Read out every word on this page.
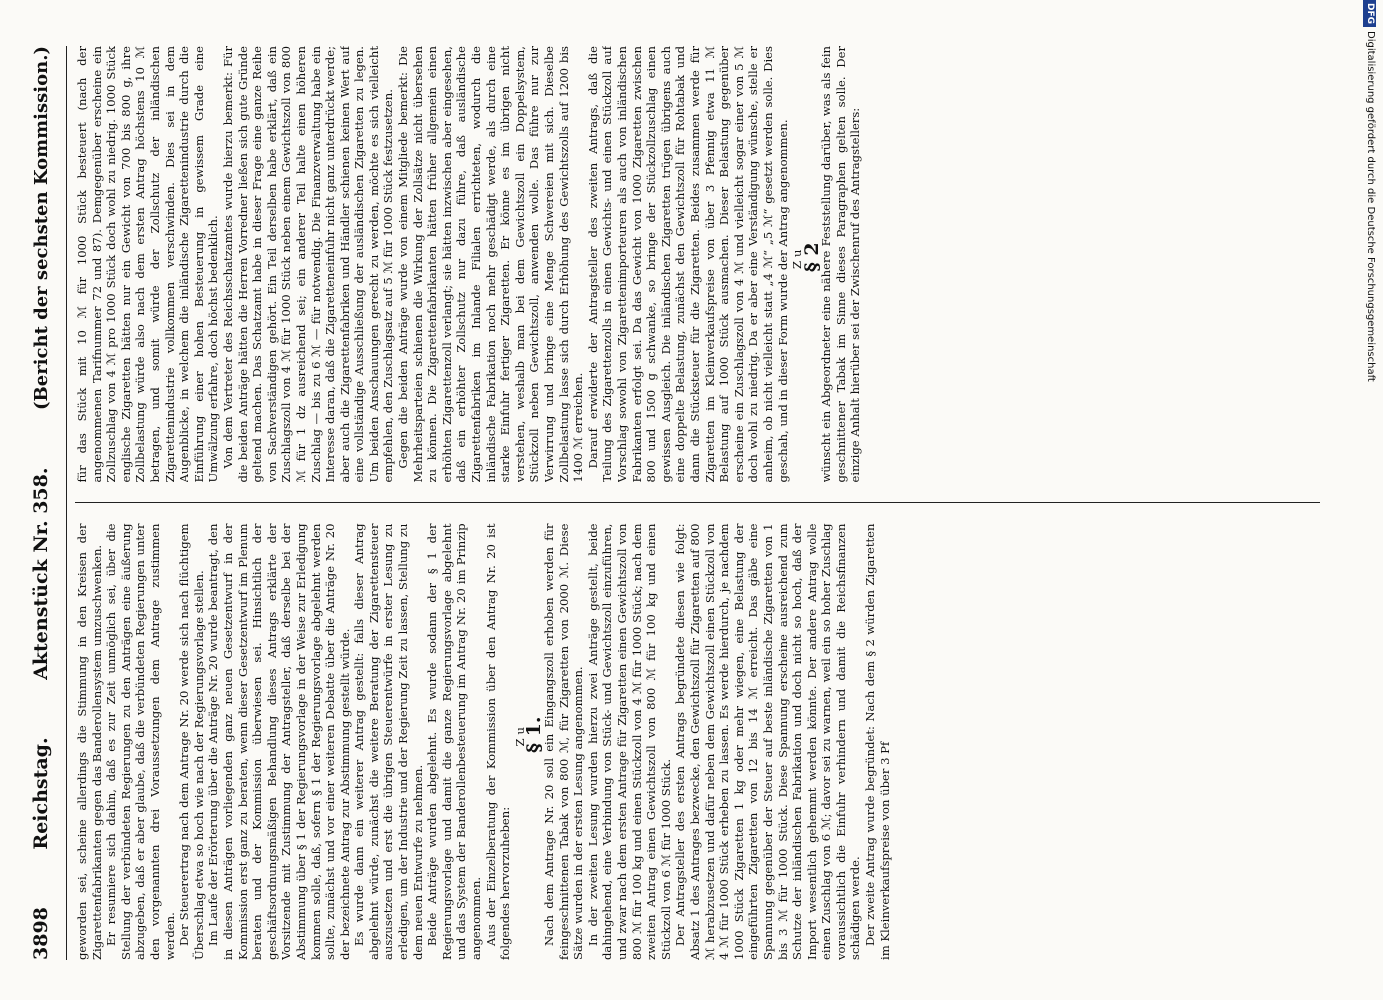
3898
Reichstag.
Aktenstück Nr. 358.
(Bericht der sechsten Kommission.)

geworden sei, scheine allerdings die Stimmung in den Kreisen der Zigarettenfabrikanten gegen das Banderollensystem umzuschwenken. Er resumiere sich dahin, daß es zur Zeit unmöglich sei, über die Stellung der verbündeten Regierungen zu den Anträgen eine äußerung abzugeben, daß er aber glaube, daß die verbündeten Regierungen unter den vorgenannten drei Voraussetzungen dem Antrage zustimmen werden. Der Steuerertrag nach dem Antrage Nr. 20 werde sich nach flüchtigem Überschlag etwa so hoch wie nach der Regierungsvorlage stellen. Im Laufe der Erörterung über die Anträge Nr. 20 wurde beantragt, den in diesen Anträgen vorliegenden ganz neuen Gesetzentwurf in der Kommission erst ganz zu beraten, wenn dieser Gesetzentwurf im Plenum beraten und der Kommission überwiesen sei. Hinsichtlich der geschäftsordnungsmäßigen Behandlung dieses Antrags erklärte der Vorsitzende mit Zustimmung der Antragsteller, daß derselbe bei der Abstimmung über § 1 der Regierungsvorlage in der Weise zur Erledigung kommen solle, daß, sofern § 1 der Regierungsvorlage abgelehnt werden sollte, zunächst und vor einer weiteren Debatte über die Anträge Nr. 20 der bezeichnete Antrag zur Abstimmung gestellt würde. Es wurde dann ein weiterer Antrag gestellt: falls dieser Antrag abgelehnt würde, zunächst die weitere Beratung der Zigarettensteuer auszusetzen und erst die übrigen Steuerentwürfe in erster Lesung zu erledigen, um der Industrie und der Regierung Zeit zu lassen, Stellung zu dem neuen Entwurfe zu nehmen. Beide Anträge wurden abgelehnt. Es wurde sodann der § 1 der Regierungsvorlage und damit die ganze Regierungsvorlage abgelehnt und das System der Banderollenbesteuerung im Antrag Nr. 20 im Prinzip angenommen. Aus der Einzelberatung der Kommission über den Antrag Nr. 20 ist folgendes hervorzuheben:

Zu

§ 1.

Nach dem Antrage Nr. 20 soll ein Eingangszoll erhoben werden für feingeschnittenen Tabak von 800 ℳ, für Zigaretten von 2000 ℳ. Diese Sätze wurden in der ersten Lesung angenommen. In der zweiten Lesung wurden hierzu zwei Anträge gestellt, beide dahingehend, eine Verbindung von Stück- und Gewichtszoll einzuführen, und zwar nach dem ersten Antrage für Zigaretten einen Gewichtszoll von 800 ℳ für 100 kg und einen Stückzoll von 4 ℳ für 1000 Stück; nach dem zweiten Antrag einen Gewichtszoll von 800 ℳ für 100 kg und einen Stückzoll von 6 ℳ für 1000 Stück. Der Antragsteller des ersten Antrags begründete diesen wie folgt: Absatz 1 des Antrages bezwecke, den Gewichtszoll für Zigaretten auf 800 ℳ herabzusetzen und dafür neben dem Gewichtszoll einen Stückzoll von 4 ℳ für 1000 Stück erheben zu lassen. Es werde hierdurch, je nachdem 1000 Stück Zigaretten 1 kg oder mehr wiegen, eine Belastung der eingeführten Zigaretten von 12 bis 14 ℳ erreicht. Das gäbe eine Spannung gegenüber der Steuer auf beste inländische Zigaretten von 1 bis 3 ℳ für 1000 Stück. Diese Spannung erscheine ausreichend zum Schutze der inländischen Fabrikation und doch nicht so hoch, daß der Import wesentlich gehemmt werden könnte. Der andere Antrag wolle einen Zuschlag von 6 ℳ; davor sei zu warnen, weil ein so hoher Zuschlag voraussichtlich die Einfuhr verhindern und damit die Reichsfinanzen schädigen werde. Der zweite Antrag wurde begründet: Nach dem § 2 würden Zigaretten im Kleinverkaufspreise von über 3 Pf

für das Stück mit 10 ℳ für 1000 Stück besteuert (nach der angenommenen Tarifnummer 72 und 87). Demgegenüber erscheine ein Zollzuschlag von 4 ℳ pro 1000 Stück doch wohl zu niedrig. 1000 Stück englische Zigaretten hätten nur ein Gewicht von 700 bis 800 g, ihre Zollbelastung würde also nach dem ersten Antrag höchstens 10 ℳ betragen, und somit würde der Zollschutz der inländischen Zigarettenindustrie vollkommen verschwinden. Dies sei in dem Augenblicke, in welchem die inländische Zigarettenindustrie durch die Einführung einer hohen Besteuerung in gewissem Grade eine Umwälzung erfahre, doch höchst bedenklich. Von dem Vertreter des Reichsschatzamtes wurde hierzu bemerkt: Für die beiden Anträge hätten die Herren Vorredner ließen sich gute Gründe geltend machen. Das Schatzamt habe in dieser Frage eine ganze Reihe von Sachverständigen gehört. Ein Teil derselben habe erklärt, daß ein Zuschlagszoll von 4 ℳ für 1000 Stück neben einem Gewichtszoll von 800 ℳ für 1 dz ausreichend sei; ein anderer Teil halte einen höheren Zuschlag — bis zu 6 ℳ — für notwendig. Die Finanzverwaltung habe ein Interesse daran, daß die Zigaretteneinfuhr nicht ganz unterdrückt werde; aber auch die Zigarettenfabriken und Händler schienen keinen Wert auf eine vollständige Ausschließung der ausländischen Zigaretten zu legen. Um beiden Anschauungen gerecht zu werden, möchte es sich vielleicht empfehlen, den Zuschlagsatz auf 5 ℳ für 1000 Stück festzusetzen. Gegen die beiden Anträge wurde von einem Mitgliede bemerkt: Die Mehrheitsparteien schienen die Wirkung der Zollsätze nicht übersehen zu können. Die Zigarettenfabrikanten hätten früher allgemein einen erhöhten Zigarettenzoll verlangt; sie hätten inzwischen aber eingesehen, daß ein erhöhter Zollschutz nur dazu führe, daß ausländische Zigarettenfabriken im Inlande Filialen errichteten, wodurch die inländische Fabrikation noch mehr geschädigt werde, als durch eine starke Einfuhr fertiger Zigaretten. Er könne es im übrigen nicht verstehen, weshalb man bei dem Gewichtszoll ein Doppelsystem, Stückzoll neben Gewichtszoll, anwenden wolle. Das führe nur zur Verwirrung und bringe eine Menge Schwereien mit sich. Dieselbe Zollbelastung lasse sich durch Erhöhung des Gewichtszolls auf 1200 bis 1400 ℳ erreichen. Darauf erwiderte der Antragsteller des zweiten Antrags, daß die Teilung des Zigarettenzolls in einen Gewichts- und einen Stückzoll auf Vorschlag sowohl von Zigarettenimporteuren als auch von inländischen Fabrikanten erfolgt sei. Da das Gewicht von 1000 Zigaretten zwischen 800 und 1500 g schwanke, so bringe der Stückzollzuschlag einen gewissen Ausgleich. Die inländischen Zigaretten trügen übrigens auch eine doppelte Belastung, zunächst den Gewichtszoll für Rohtabak und dann die Stücksteuer für die Zigaretten. Beides zusammen werde für Zigaretten im Kleinverkaufspreise von über 3 Pfennig etwa 11 ℳ Belastung auf 1000 Stück ausmachen. Dieser Belastung gegenüber erscheine ein Zuschlagszoll von 4 ℳ und vielleicht sogar einer von 5 ℳ doch wohl zu niedrig. Da er aber eine Verständigung wünsche, stelle er anheim, ob nicht vielleicht statt „4 ℳ“ „5 ℳ“ gesetzt werden solle. Dies geschah, und in dieser Form wurde der Antrag angenommen. Zu

§ 2

wünscht ein Abgeordneter eine nähere Feststellung darüber, was als fein geschnittener Tabak im Sinne dieses Paragraphen gelten solle. Der einzige Anhalt hierüber sei der Zwischenruf des Antragstellers:

DFGDigitalisierung gefördert durch die Deutsche Forschungsgemeinschaft
